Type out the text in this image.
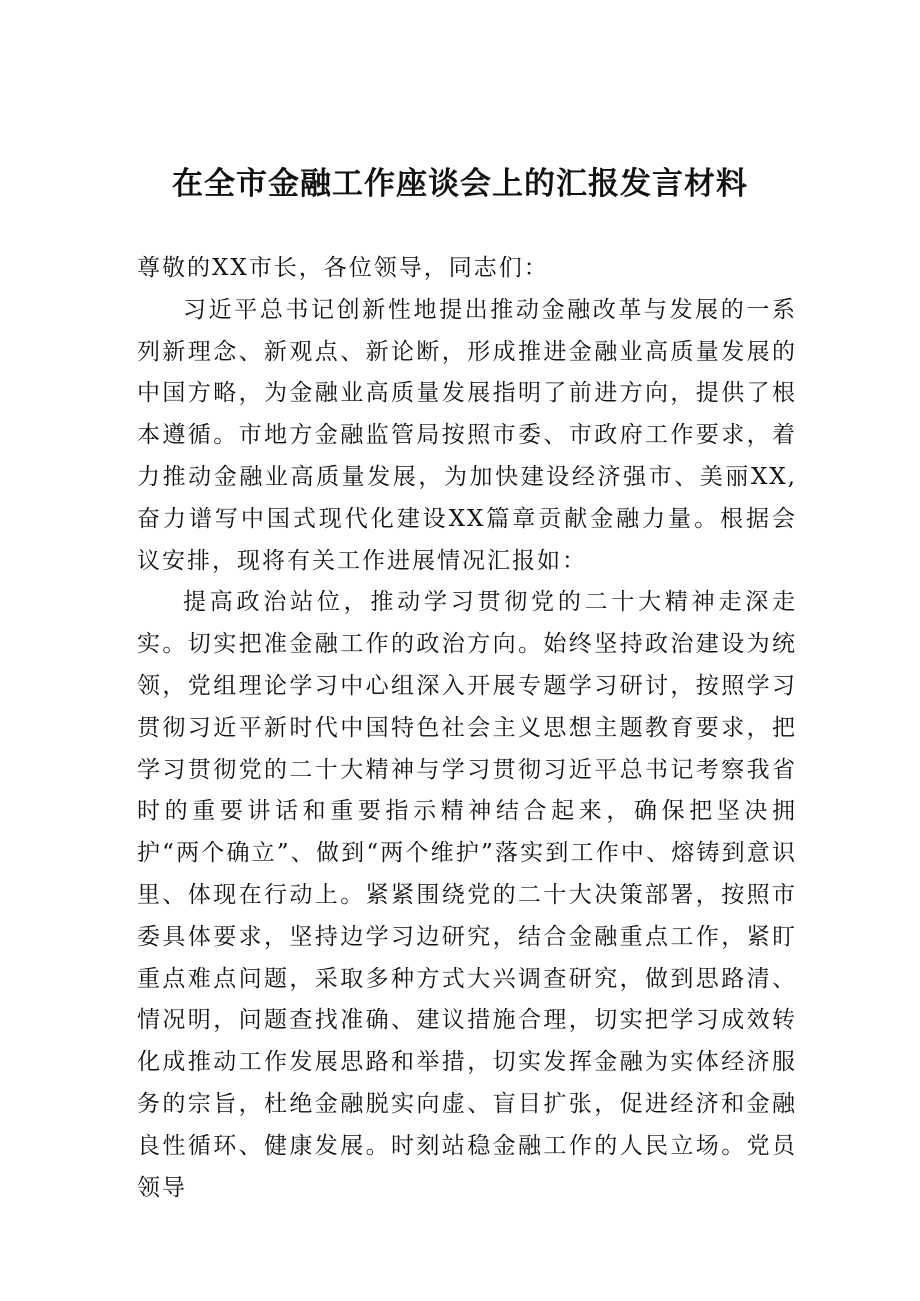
在全市金融工作座谈会上的汇报发言材料

尊敬的XX市长，各位领导，同志们：

习近平总书记创新性地提出推动金融改革与发展的一系列新理念、新观点、新论断，形成推进金融业高质量发展的中国方略，为金融业高质量发展指明了前进方向，提供了根本遵循。市地方金融监管局按照市委、市政府工作要求，着力推动金融业高质量发展，为加快建设经济强市、美丽XX,奋力谱写中国式现代化建设XX篇章贡献金融力量。根据会议安排，现将有关工作进展情况汇报如：

提高政治站位，推动学习贯彻党的二十大精神走深走实。切实把准金融工作的政治方向。始终坚持政治建设为统领，党组理论学习中心组深入开展专题学习研讨，按照学习贯彻习近平新时代中国特色社会主义思想主题教育要求，把学习贯彻党的二十大精神与学习贯彻习近平总书记考察我省时的重要讲话和重要指示精神结合起来，确保把坚决拥护“两个确立”、做到“两个维护”落实到工作中、熔铸到意识里、体现在行动上。紧紧围绕党的二十大决策部署，按照市委具体要求，坚持边学习边研究，结合金融重点工作，紧盯重点难点问题，采取多种方式大兴调查研究，做到思路清、情况明，问题查找准确、建议措施合理，切实把学习成效转化成推动工作发展思路和举措，切实发挥金融为实体经济服务的宗旨，杜绝金融脱实向虚、盲目扩张，促进经济和金融良性循环、健康发展。时刻站稳金融工作的人民立场。党员领导
